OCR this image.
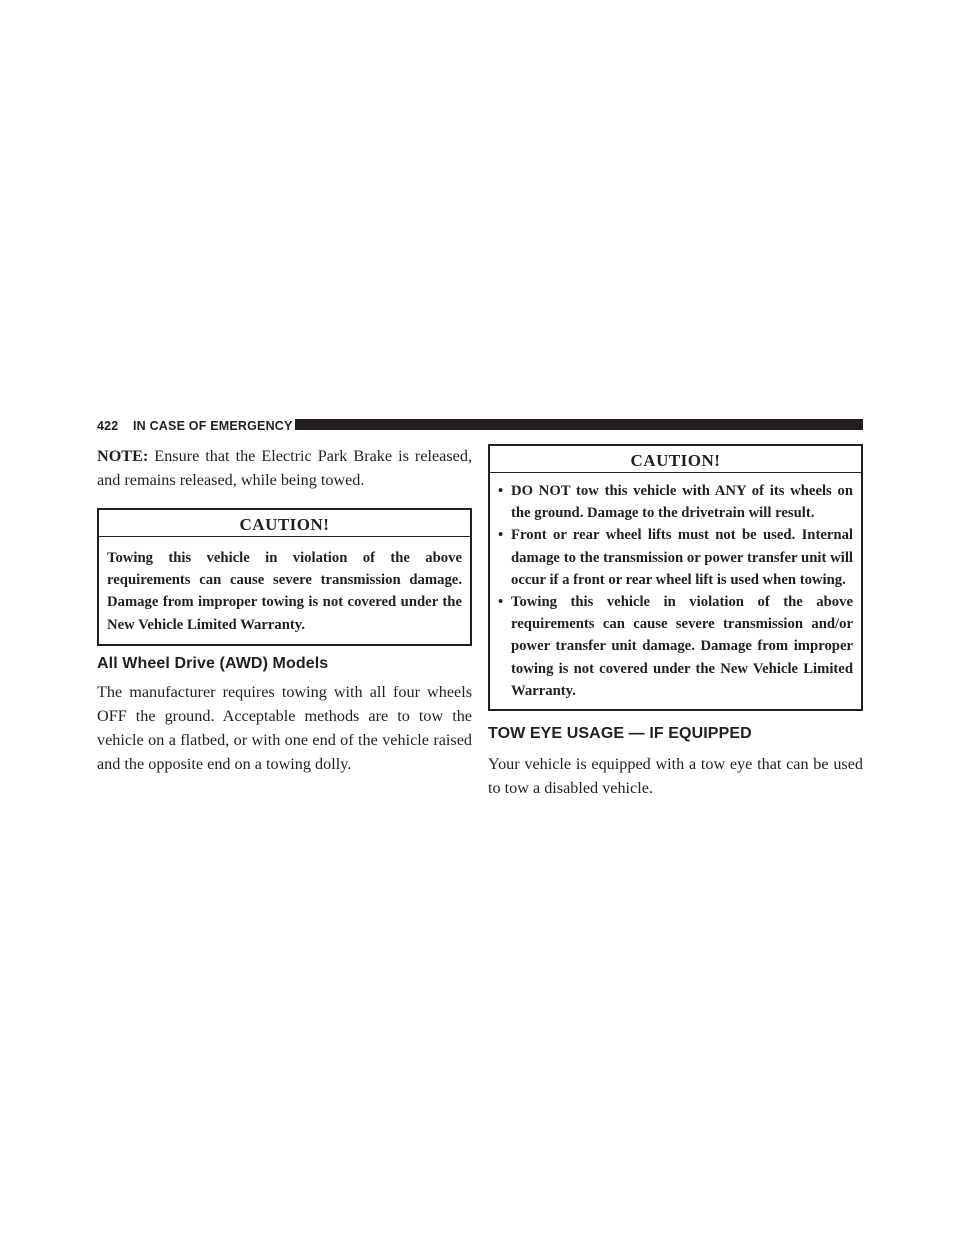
422 IN CASE OF EMERGENCY

NOTE: Ensure that the Electric Park Brake is released, and remains released, while being towed.

CAUTION!
Towing this vehicle in violation of the above requirements can cause severe transmission damage. Damage from improper towing is not covered under the New Vehicle Limited Warranty.
All Wheel Drive (AWD) Models

The manufacturer requires towing with all four wheels OFF the ground. Acceptable methods are to tow the vehicle on a flatbed, or with one end of the vehicle raised and the opposite end on a towing dolly.

CAUTION!
• DO NOT tow this vehicle with ANY of its wheels on the ground. Damage to the drivetrain will result.
• Front or rear wheel lifts must not be used. Internal damage to the transmission or power transfer unit will occur if a front or rear wheel lift is used when towing.
• Towing this vehicle in violation of the above requirements can cause severe transmission and/or power transfer unit damage. Damage from improper towing is not covered under the New Vehicle Limited Warranty.
TOW EYE USAGE — IF EQUIPPED

Your vehicle is equipped with a tow eye that can be used to tow a disabled vehicle.
